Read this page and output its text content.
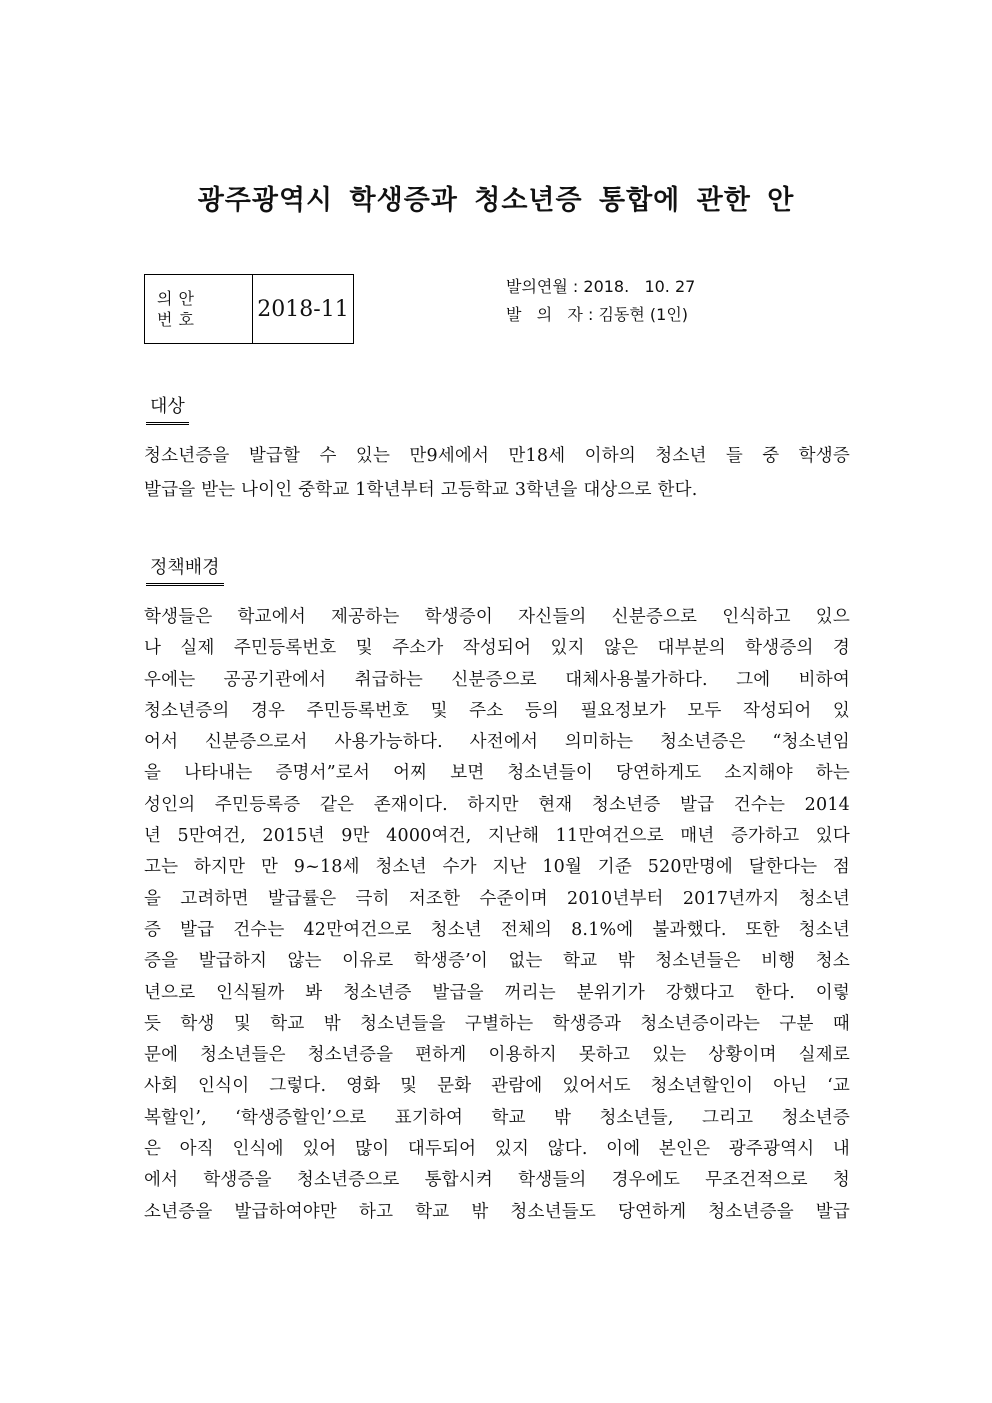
광주광역시 학생증과 청소년증 통합에 관한 안
의안
번호	2018-11
발의연월 : 2018.   10. 27
발   의   자 : 김동현 (1인)
대상
청소년증을 발급할 수 있는 만9세에서 만18세 이하의 청소년 들 중 학생증
발급을 받는 나이인 중학교 1학년부터 고등학교 3학년을 대상으로 한다.
정책배경
학생들은 학교에서 제공하는 학생증이 자신들의 신분증으로 인식하고 있으
나 실제 주민등록번호 및 주소가 작성되어 있지 않은 대부분의 학생증의 경
우에는 공공기관에서 취급하는 신분증으로 대체사용불가하다. 그에 비하여
청소년증의 경우 주민등록번호 및 주소 등의 필요정보가 모두 작성되어 있
어서 신분증으로서 사용가능하다. 사전에서 의미하는 청소년증은 “청소년임
을 나타내는 증명서”로서 어찌 보면 청소년들이 당연하게도 소지해야 하는
성인의 주민등록증 같은 존재이다. 하지만 현재 청소년증 발급 건수는 2014
년 5만여건, 2015년 9만 4000여건, 지난해 11만여건으로 매년 증가하고 있다
고는 하지만 만 9~18세 청소년 수가 지난 10월 기준 520만명에 달한다는 점
을 고려하면 발급률은 극히 저조한 수준이며 2010년부터 2017년까지 청소년
증 발급 건수는 42만여건으로 청소년 전체의 8.1%에 불과했다. 또한 청소년
증을 발급하지 않는 이유로 학생증’이 없는 학교 밖 청소년들은 비행 청소
년으로 인식될까 봐 청소년증 발급을 꺼리는 분위기가 강했다고 한다. 이렇
듯 학생 및 학교 밖 청소년들을 구별하는 학생증과 청소년증이라는 구분 때
문에 청소년들은 청소년증을 편하게 이용하지 못하고 있는 상황이며 실제로
사회 인식이 그렇다. 영화 및 문화 관람에 있어서도 청소년할인이 아닌 ‘교
복할인’, ‘학생증할인’으로 표기하여 학교 밖 청소년들, 그리고 청소년증
은 아직 인식에 있어 많이 대두되어 있지 않다. 이에 본인은 광주광역시 내
에서 학생증을 청소년증으로 통합시켜 학생들의 경우에도 무조건적으로 청
소년증을 발급하여야만 하고 학교 밖 청소년들도 당연하게 청소년증을 발급
